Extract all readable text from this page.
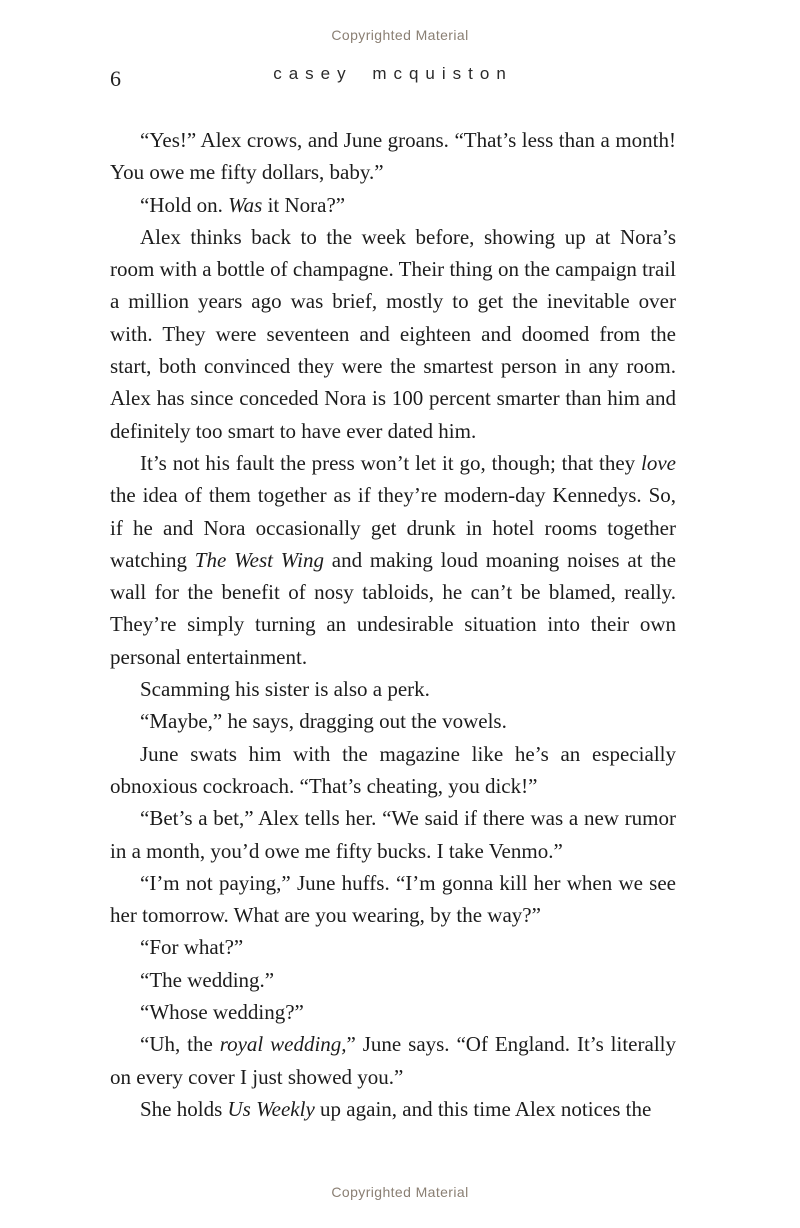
Copyrighted Material
6	casey mcquiston

“Yes!” Alex crows, and June groans. “That’s less than a month! You owe me fifty dollars, baby.”

“Hold on. Was it Nora?”

Alex thinks back to the week before, showing up at Nora’s room with a bottle of champagne. Their thing on the campaign trail a million years ago was brief, mostly to get the inevitable over with. They were seventeen and eighteen and doomed from the start, both convinced they were the smartest person in any room. Alex has since conceded Nora is 100 percent smarter than him and definitely too smart to have ever dated him.

It’s not his fault the press won’t let it go, though; that they love the idea of them together as if they’re modern-day Kennedys. So, if he and Nora occasionally get drunk in hotel rooms together watching The West Wing and making loud moaning noises at the wall for the benefit of nosy tabloids, he can’t be blamed, really. They’re simply turning an undesirable situation into their own personal entertainment.

Scamming his sister is also a perk.

“Maybe,” he says, dragging out the vowels.

June swats him with the magazine like he’s an especially obnoxious cockroach. “That’s cheating, you dick!”

“Bet’s a bet,” Alex tells her. “We said if there was a new rumor in a month, you’d owe me fifty bucks. I take Venmo.”

“I’m not paying,” June huffs. “I’m gonna kill her when we see her tomorrow. What are you wearing, by the way?”

“For what?”

“The wedding.”

“Whose wedding?”

“Uh, the royal wedding,” June says. “Of England. It’s literally on every cover I just showed you.”

She holds Us Weekly up again, and this time Alex notices the

Copyrighted Material
